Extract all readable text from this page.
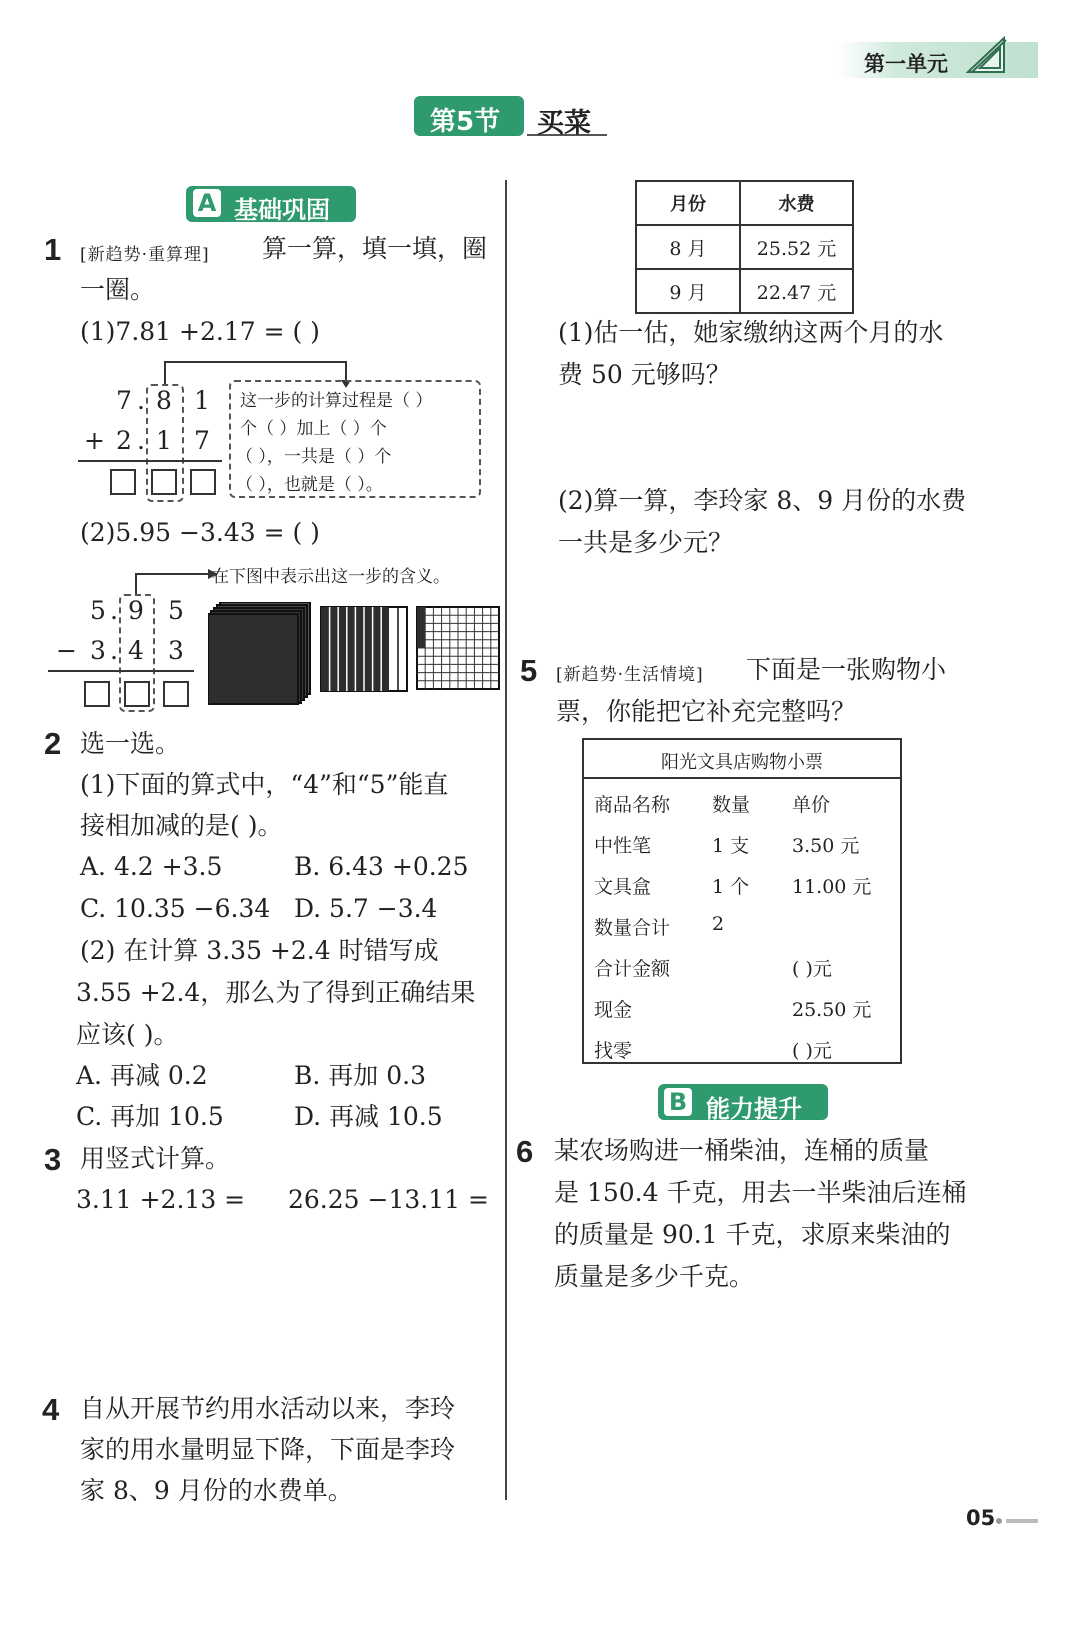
第一单元
第5节 买菜
A 基础巩固
1 [新趋势·重算理] 算一算，填一填，圈
一圈。
(1)7.81 +2.17 = ( )
7 . 8 1
+ 2 . 1 7
这一步的计算过程是（ ）
个（ ）加上（ ）个
（ ），一共是（ ）个
（ ），也就是（ ）。
(2)5.95 −3.43 = ( )
在下图中表示出这一步的含义。
5 . 9 5
− 3 . 4 3
2 选一选。
(1)下面的算式中，“4”和“5”能直
接相加减的是( )。
A. 4.2 +3.5	B. 6.43 +0.25
C. 10.35 −6.34 D. 5.7 −3.4
(2) 在计算 3.35 +2.4 时错写成
3.55 +2.4，那么为了得到正确结果
应该( )。
A. 再减 0.2	B. 再加 0.3
C. 再加 10.5	D. 再减 10.5
3 用竖式计算。
3.11 +2.13 = 26.25 −13.11 =
4 自从开展节约用水活动以来，李玲
家的用水量明显下降，下面是李玲
家 8、9 月份的水费单。
月份	水费
8 月	25.52 元
9 月	22.47 元
(1)估一估，她家缴纳这两个月的水
费 50 元够吗？
(2)算一算，李玲家 8、9 月份的水费
一共是多少元？
5 [新趋势·生活情境] 下面是一张购物小
票，你能把它补充完整吗？
阳光文具店购物小票
商品名称 数量 单价
中性笔	1 支 3.50 元
文具盒	1 个 11.00 元
数量合计 2
合计金额	( )元
现金	25.50 元
找零	( )元
B 能力提升
6 某农场购进一桶柴油，连桶的质量
是 150.4 千克，用去一半柴油后连桶
的质量是 90.1 千克，求原来柴油的
质量是多少千克。
05
